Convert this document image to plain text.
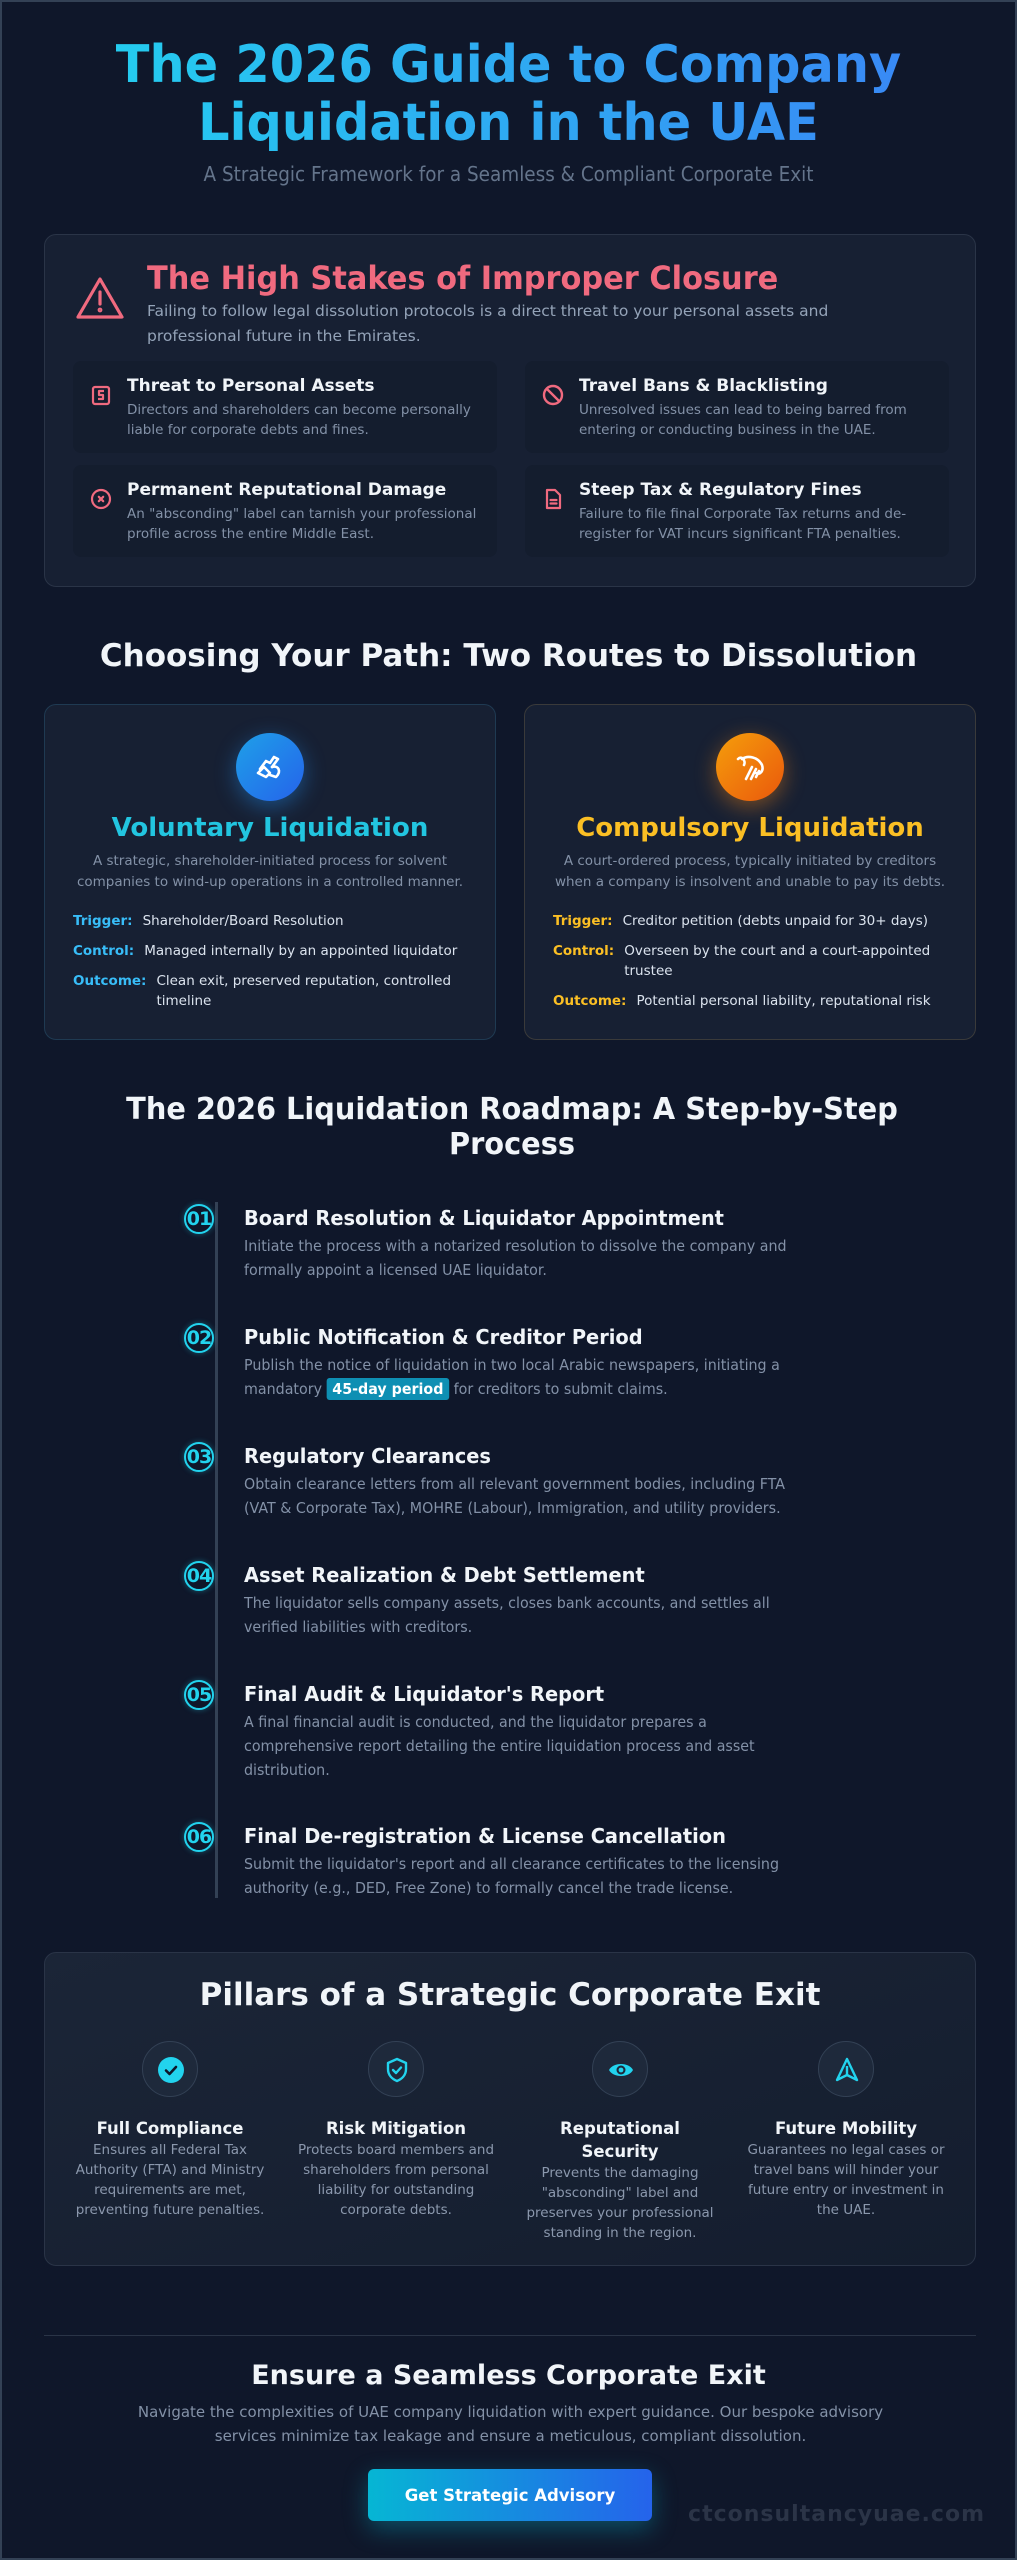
The 2026 Guide to Company
Liquidation in the UAE
A Strategic Framework for a Seamless & Compliant Corporate Exit
The High Stakes of Improper Closure

Failing to follow legal dissolution protocols is a direct threat to your personal assets and professional future in the Emirates.

Threat to Personal Assets

Directors and shareholders can become personally liable for corporate debts and fines.

Travel Bans & Blacklisting

Unresolved issues can lead to being barred from entering or conducting business in the UAE.

Permanent Reputational Damage

An "absconding" label can tarnish your professional profile across the entire Middle East.

Steep Tax & Regulatory Fines

Failure to file final Corporate Tax returns and de-register for VAT incurs significant FTA penalties.

Choosing Your Path: Two Routes to Dissolution
Voluntary Liquidation

A strategic, shareholder-initiated process for solvent companies to wind-up operations in a controlled manner.

Trigger: Shareholder/Board Resolution
Control: Managed internally by an appointed liquidator
Outcome: Clean exit, preserved reputation, controlled timeline
Compulsory Liquidation

A court-ordered process, typically initiated by creditors when a company is insolvent and unable to pay its debts.

Trigger: Creditor petition (debts unpaid for 30+ days)
Control: Overseen by the court and a court-appointed trustee
Outcome: Potential personal liability, reputational risk
The 2026 Liquidation Roadmap: A Step-by-Step
Process
01 Board Resolution & Liquidator Appointment

Initiate the process with a notarized resolution to dissolve the company and formally appoint a licensed UAE liquidator.

02 Public Notification & Creditor Period

Publish the notice of liquidation in two local Arabic newspapers, initiating a mandatory 45-day period for creditors to submit claims.

03 Regulatory Clearances

Obtain clearance letters from all relevant government bodies, including FTA (VAT & Corporate Tax), MOHRE (Labour), Immigration, and utility providers.

04 Asset Realization & Debt Settlement

The liquidator sells company assets, closes bank accounts, and settles all verified liabilities with creditors.

05 Final Audit & Liquidator's Report

A final financial audit is conducted, and the liquidator prepares a comprehensive report detailing the entire liquidation process and asset distribution.

06 Final De-registration & License Cancellation

Submit the liquidator's report and all clearance certificates to the licensing authority (e.g., DED, Free Zone) to formally cancel the trade license.

Pillars of a Strategic Corporate Exit
Full Compliance

Ensures all Federal Tax Authority (FTA) and Ministry requirements are met, preventing future penalties.

Risk Mitigation

Protects board members and shareholders from personal liability for outstanding corporate debts.

Reputational Security

Prevents the damaging "absconding" label and preserves your professional standing in the region.

Future Mobility

Guarantees no legal cases or travel bans will hinder your future entry or investment in the UAE.

Ensure a Seamless Corporate Exit

Navigate the complexities of UAE company liquidation with expert guidance. Our bespoke advisory services minimize tax leakage and ensure a meticulous, compliant dissolution.

Get Strategic Advisory
ctconsultancyuae.com
